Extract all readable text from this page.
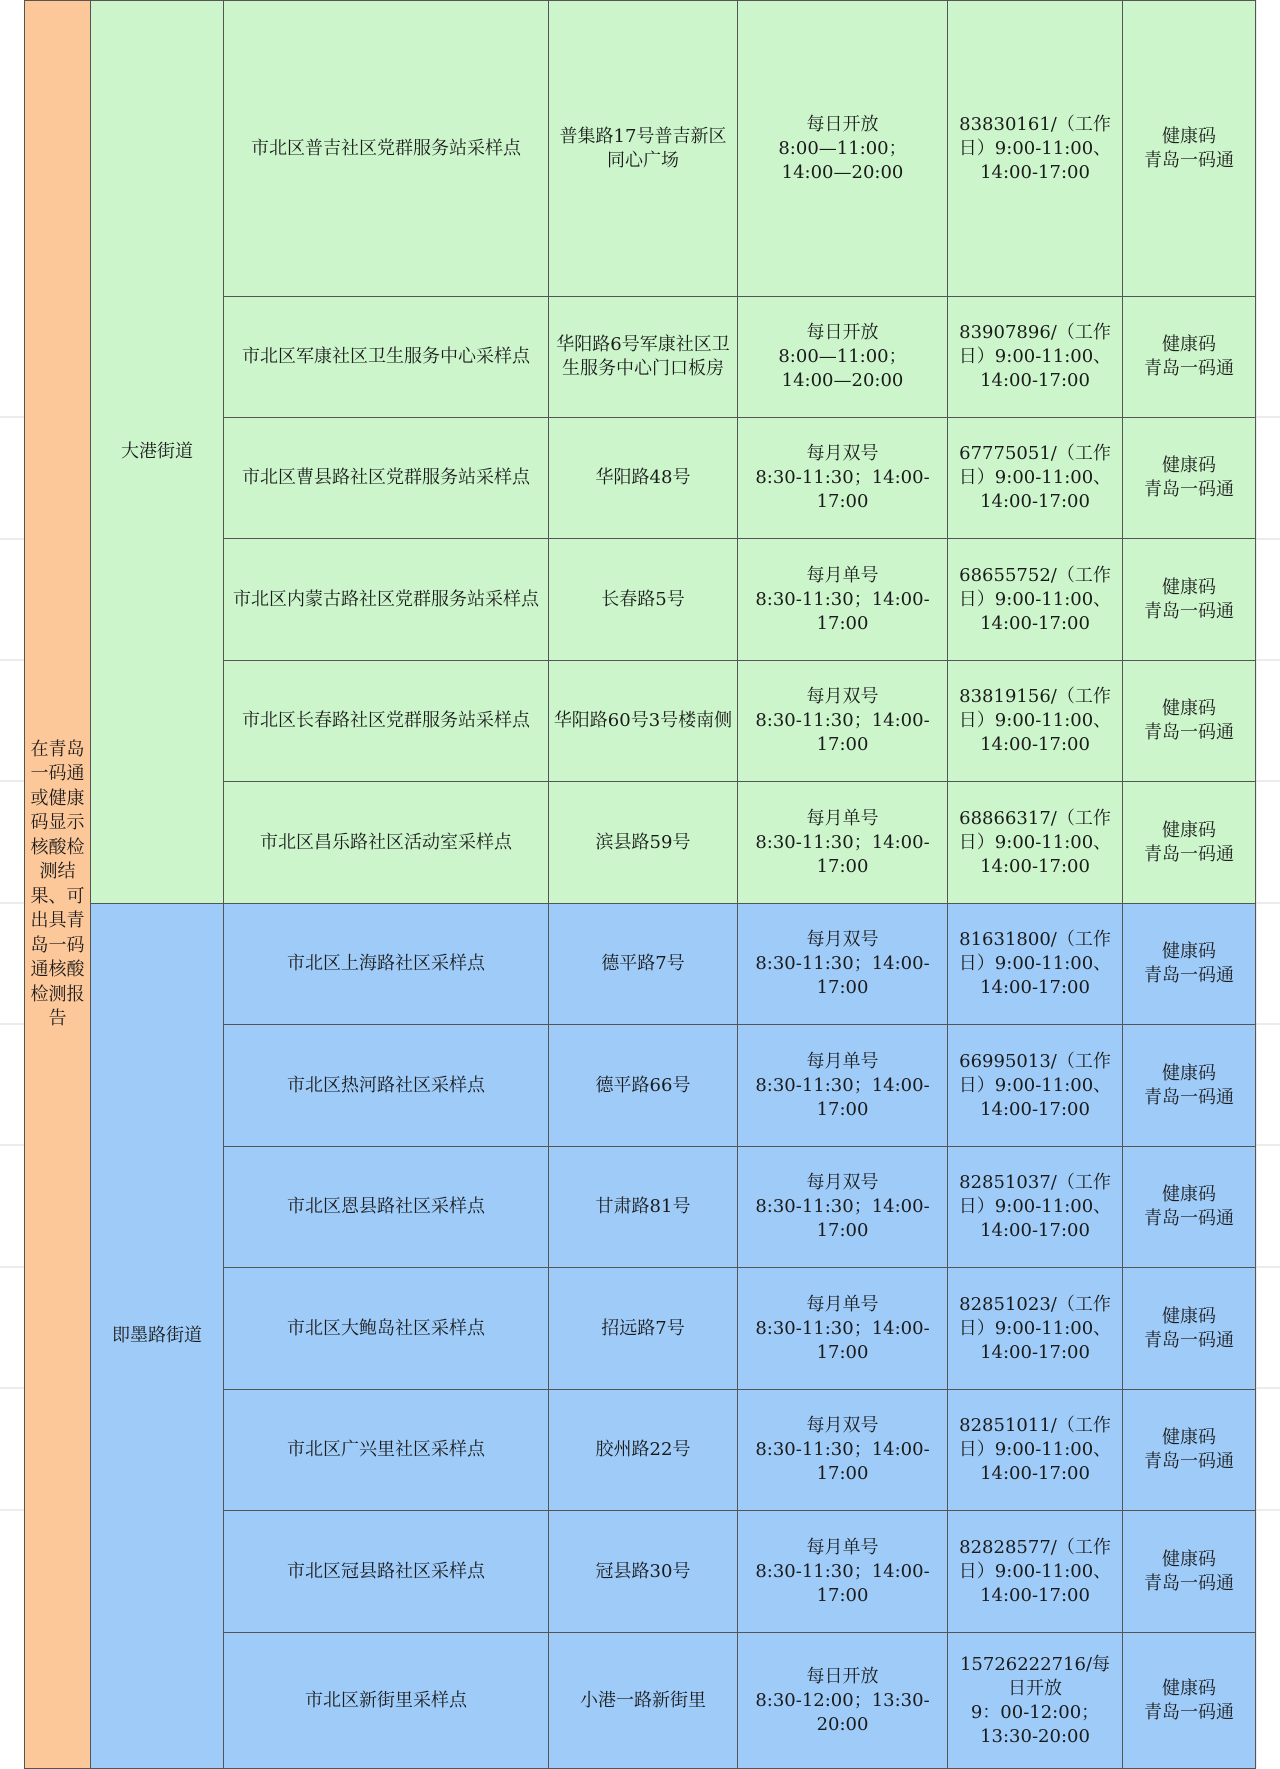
在青岛一码通或健康码显示核酸检测结果、可出具青岛一码通核酸检测报告	大港街道	市北区普吉社区党群服务站采样点	普集路17号普吉新区同心广场	每日开放
8:00—11:00；
14:00—20:00	83830161/（工作日）9:00-11:00、14:00-17:00	健康码
青岛一码通
		市北区军康社区卫生服务中心采样点	华阳路6号军康社区卫生服务中心门口板房	每日开放
8:00—11:00；
14:00—20:00	83907896/（工作日）9:00-11:00、14:00-17:00	健康码
青岛一码通
		市北区曹县路社区党群服务站采样点	华阳路48号	每月双号
8:30-11:30；14:00-17:00	67775051/（工作日）9:00-11:00、14:00-17:00	健康码
青岛一码通
		市北区内蒙古路社区党群服务站采样点	长春路5号	每月单号
8:30-11:30；14:00-17:00	68655752/（工作日）9:00-11:00、14:00-17:00	健康码
青岛一码通
		市北区长春路社区党群服务站采样点	华阳路60号3号楼南侧	每月双号
8:30-11:30；14:00-17:00	83819156/（工作日）9:00-11:00、14:00-17:00	健康码
青岛一码通
		市北区昌乐路社区活动室采样点	滨县路59号	每月单号
8:30-11:30；14:00-17:00	68866317/（工作日）9:00-11:00、14:00-17:00	健康码
青岛一码通
	即墨路街道	市北区上海路社区采样点	德平路7号	每月双号
8:30-11:30；14:00-17:00	81631800/（工作日）9:00-11:00、14:00-17:00	健康码
青岛一码通
		市北区热河路社区采样点	德平路66号	每月单号
8:30-11:30；14:00-17:00	66995013/（工作日）9:00-11:00、14:00-17:00	健康码
青岛一码通
		市北区恩县路社区采样点	甘肃路81号	每月双号
8:30-11:30；14:00-17:00	82851037/（工作日）9:00-11:00、14:00-17:00	健康码
青岛一码通
		市北区大鲍岛社区采样点	招远路7号	每月单号
8:30-11:30；14:00-17:00	82851023/（工作日）9:00-11:00、14:00-17:00	健康码
青岛一码通
		市北区广兴里社区采样点	胶州路22号	每月双号
8:30-11:30；14:00-17:00	82851011/（工作日）9:00-11:00、14:00-17:00	健康码
青岛一码通
		市北区冠县路社区采样点	冠县路30号	每月单号
8:30-11:30；14:00-17:00	82828577/（工作日）9:00-11:00、14:00-17:00	健康码
青岛一码通
		市北区新街里采样点	小港一路新街里	每日开放
8:30-12:00；13:30-20:00	15726222716/每日开放
9：00-12:00；13:30-20:00	健康码
青岛一码通
